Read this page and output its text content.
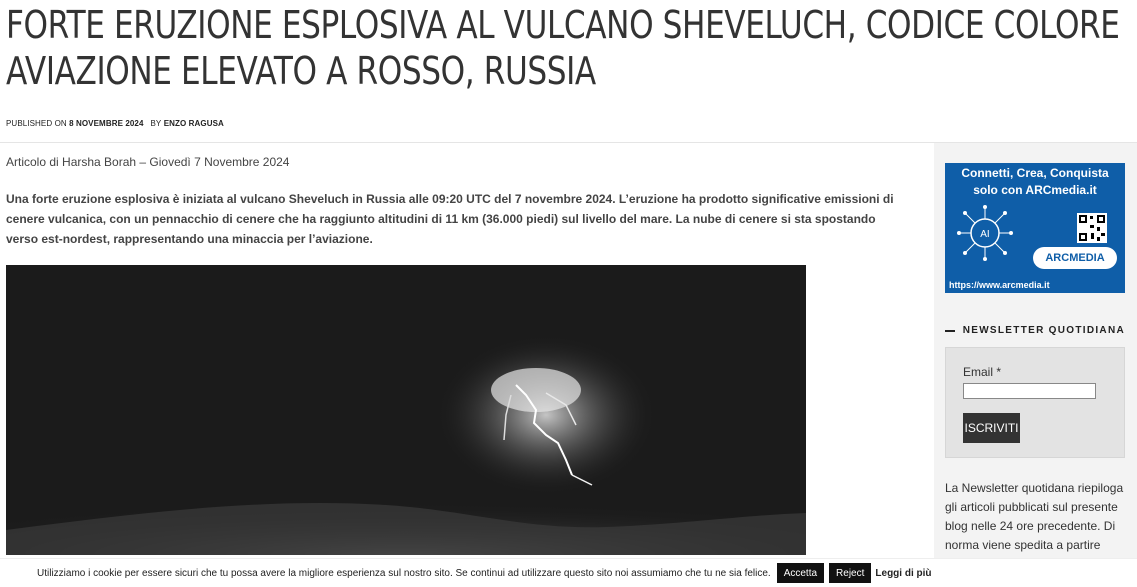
FORTE ERUZIONE ESPLOSIVA AL VULCANO SHEVELUCH, CODICE COLORE
AVIAZIONE ELEVATO A ROSSO, RUSSIA
PUBLISHED ON 8 NOVEMBRE 2024 BY ENZO RAGUSA
Articolo di Harsha Borah – Giovedì 7 Novembre 2024
Una forte eruzione esplosiva è iniziata al vulcano Sheveluch in Russia alle 09:20 UTC del 7 novembre 2024. L’eruzione ha prodotto significative emissioni di cenere vulcanica, con un pennacchio di cenere che ha raggiunto altitudini di 11 km (36.000 piedi) sul livello del mare. La nube di cenere si sta spostando verso est-nordest, rappresentando una minaccia per l’aviazione.
Connetti, Crea, Conquista
solo con ARCmedia.it
AI
ARCMEDIA
https://www.arcmedia.it
NEWSLETTER QUOTIDIANA
Email *
ISCRIVITI
La Newsletter quotidana riepiloga gli articoli pubblicati sul presente blog nelle 24 ore precedente. Di norma viene spedita a partire
Utilizziamo i cookie per essere sicuri che tu possa avere la migliore esperienza sul nostro sito. Se continui ad utilizzare questo sito noi assumiamo che tu ne sia felice.	Accetta	Reject	Leggi di più
